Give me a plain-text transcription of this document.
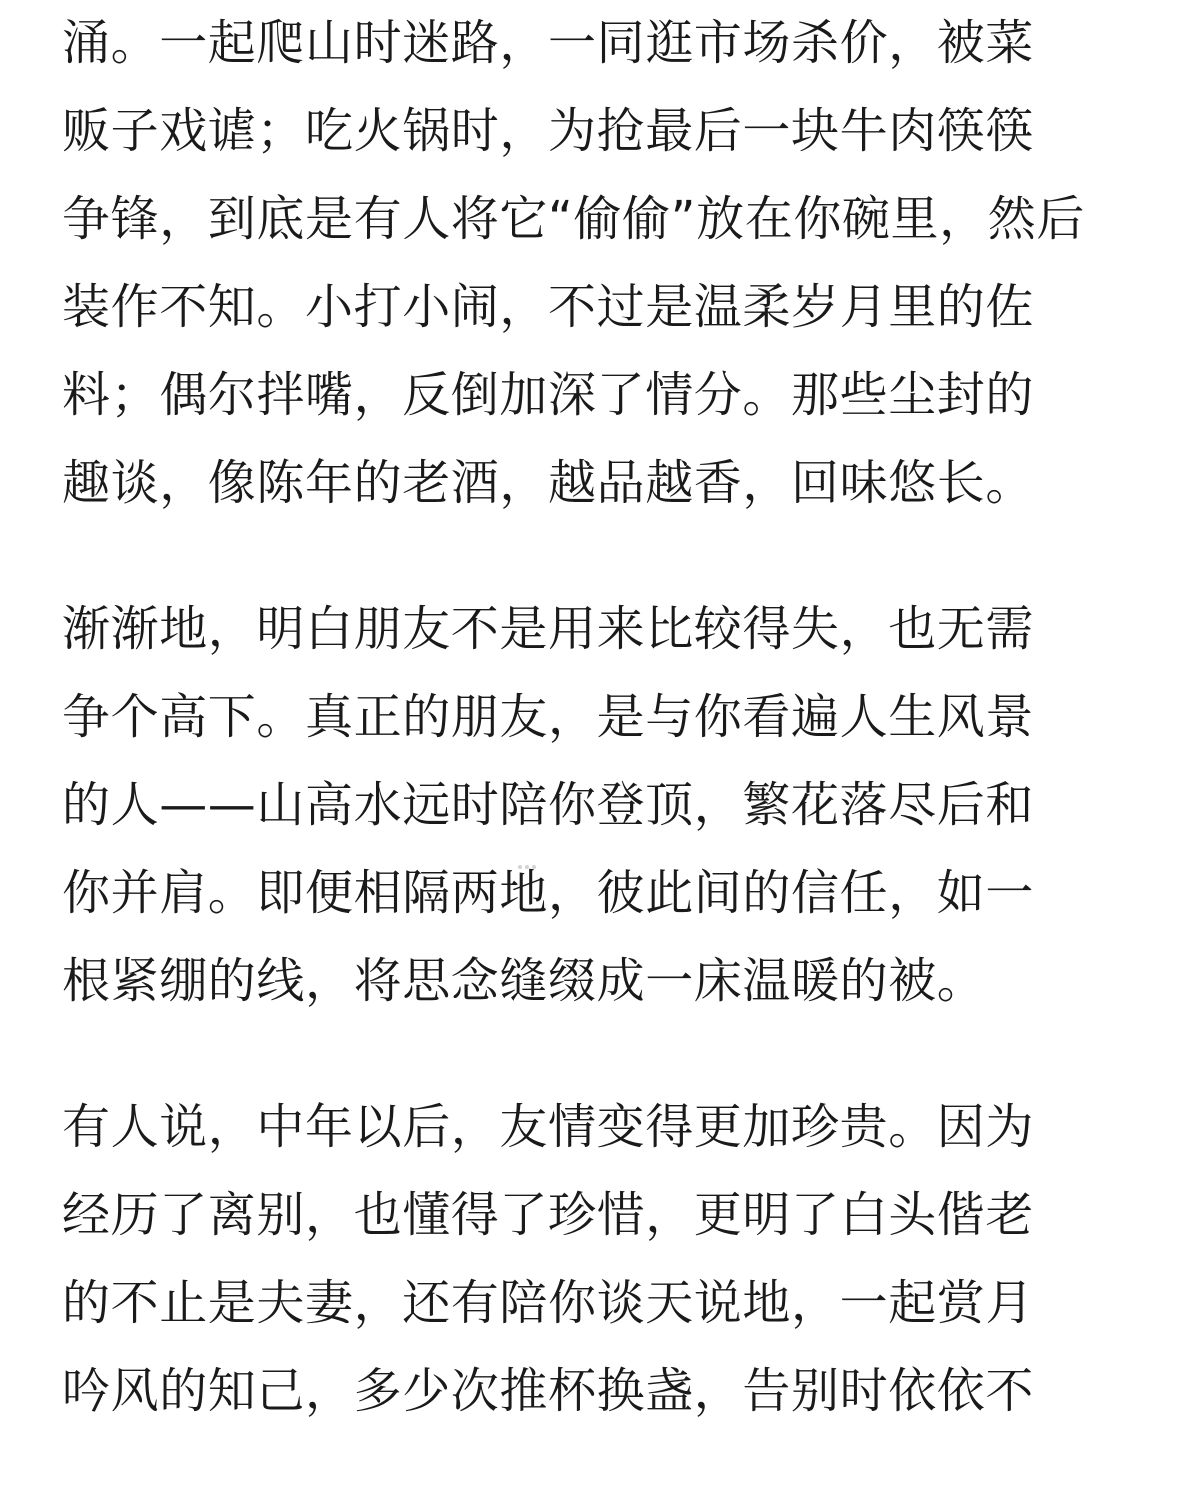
涌。一起爬山时迷路，一同逛市场杀价，被菜
贩子戏谑；吃火锅时，为抢最后一块牛肉筷筷
争锋，到底是有人将它“偷偷”放在你碗里，然后
装作不知。小打小闹，不过是温柔岁月里的佐
料；偶尔拌嘴，反倒加深了情分。那些尘封的
趣谈，像陈年的老酒，越品越香，回味悠长。

渐渐地，明白朋友不是用来比较得失，也无需
争个高下。真正的朋友，是与你看遍人生风景
的人——山高水远时陪你登顶，繁花落尽后和
你并肩。即便相隔两地，彼此间的信任，如一
根紧绷的线，将思念缝缀成一床温暖的被。

有人说，中年以后，友情变得更加珍贵。因为
经历了离别，也懂得了珍惜，更明了白头偕老
的不止是夫妻，还有陪你谈天说地，一起赏月
吟风的知己，多少次推杯换盏，告别时依依不
